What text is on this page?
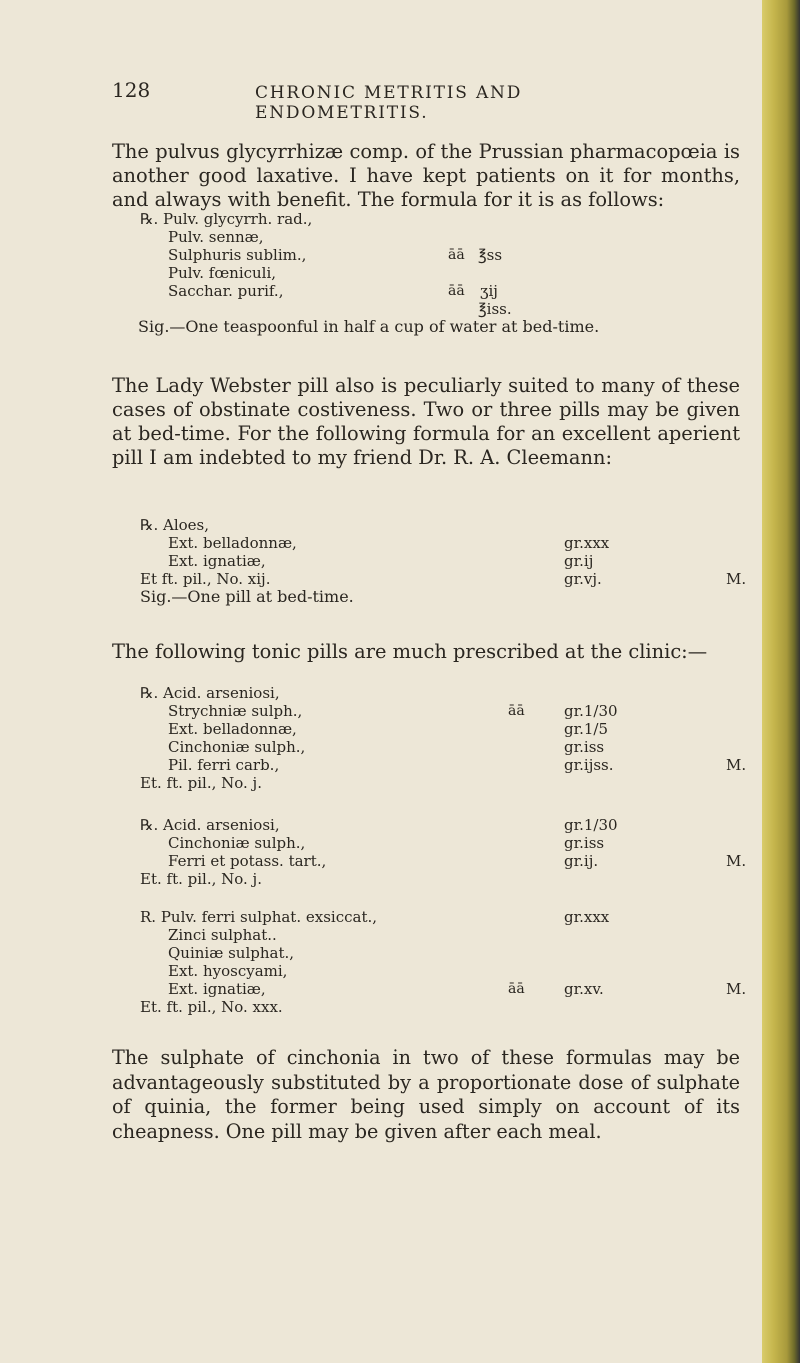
128	CHRONIC METRITIS AND ENDOMETRITIS.

The pulvus glycyrrhizæ comp. of the Prussian pharmacopœia is another good laxative. I have kept patients on it for months, and always with benefit. The formula for it is as follows:

℞. Pulv. glycyrrh. rad.,
Pulv. sennæ,
Sulphuris sublim.,	āā ℥ss
Pulv. fœniculi,
Sacchar. purif.,	āā ʒij
℥iss.
Sig.—One teaspoonful in half a cup of water at bed-time.

The Lady Webster pill also is peculiarly suited to many of these cases of obstinate costiveness. Two or three pills may be given at bed-time. For the following formula for an excellent aperient pill I am indebted to my friend Dr. R. A. Cleemann:

℞. Aloes,
Ext. belladonnæ,	gr.xxx
Ext. ignatiæ,	gr.ij
Et ft. pil., No. xij.	gr.vj.	M.
Sig.—One pill at bed-time.

The following tonic pills are much prescribed at the clinic:—

℞. Acid. arseniosi,
Strychniæ sulph.,	āā	gr.1/30
Ext. belladonnæ,	gr.1/5
Cinchoniæ sulph.,	gr.iss
Pil. ferri carb.,	gr.ijss.	M.
Et. ft. pil., No. j.
℞. Acid. arseniosi,	gr.1/30
Cinchoniæ sulph.,	gr.iss
Ferri et potass. tart.,	gr.ij.	M.
Et. ft. pil., No. j.
R. Pulv. ferri sulphat. exsiccat.,	gr.xxx
Zinci sulphat..
Quiniæ sulphat.,
Ext. hyoscyami,
Ext. ignatiæ,	āā	gr.xv.	M.
Et. ft. pil., No. xxx.

The sulphate of cinchonia in two of these formulas may be advantageously substituted by a proportionate dose of sulphate of quinia, the former being used simply on account of its cheapness. One pill may be given after each meal.
